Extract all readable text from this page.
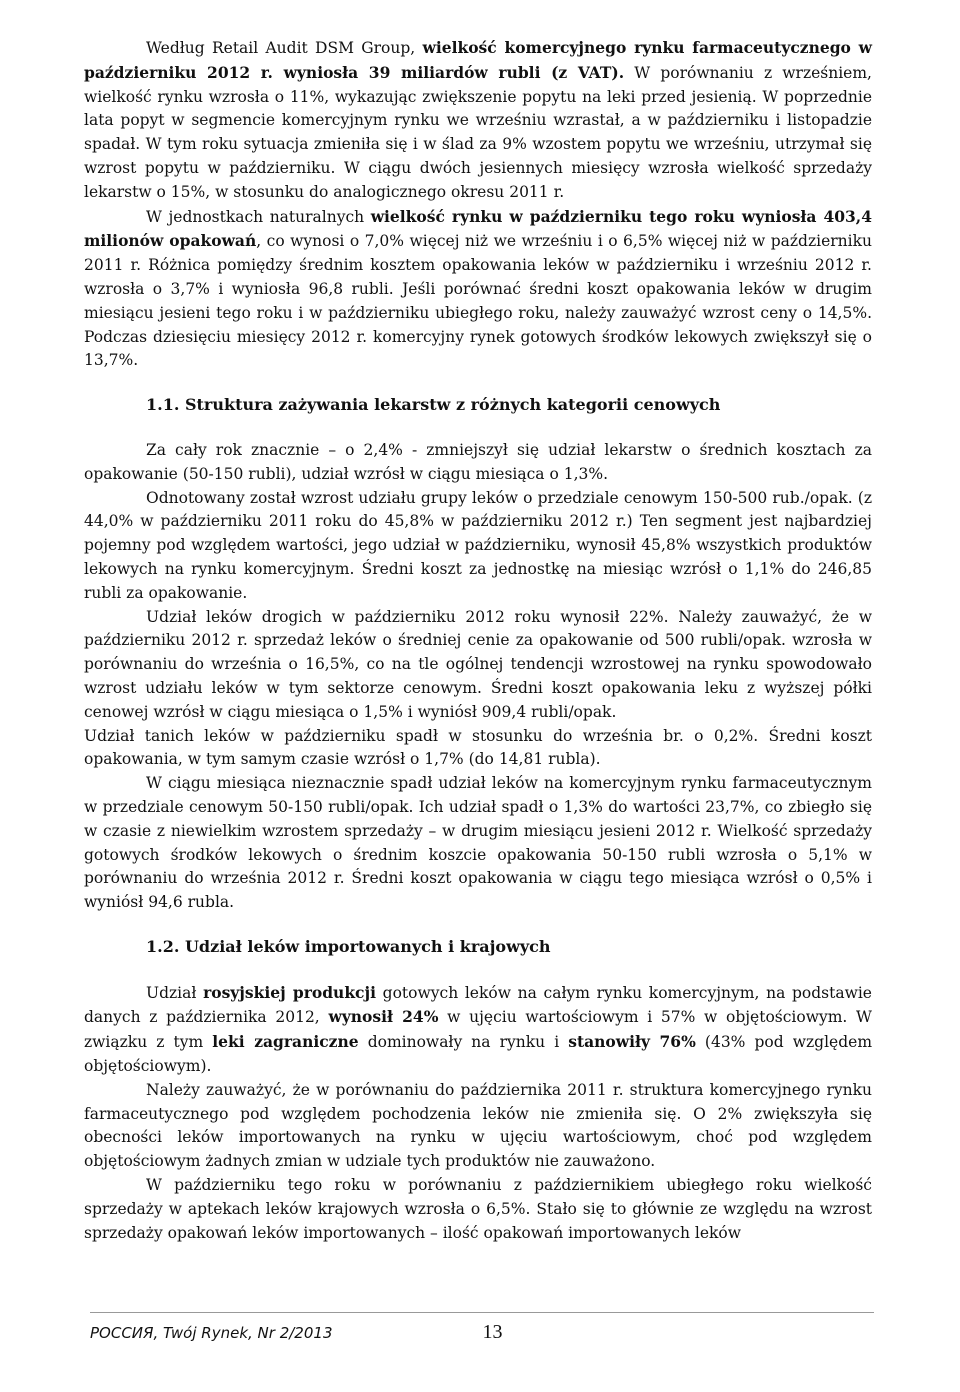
Według Retail Audit DSM Group, wielkość komercyjnego rynku farmaceutycznego w październiku 2012 r. wyniosła 39 miliardów rubli (z VAT). W porównaniu z wrześniem, wielkość rynku wzrosła o 11%, wykazując zwiększenie popytu na leki przed jesienią. W poprzednie lata popyt w segmencie komercyjnym rynku we wrześniu wzrastał, a w październiku i listopadzie spadał. W tym roku sytuacja zmieniła się i w ślad za 9% wzostem popytu we wrześniu, utrzymał się wzrost popytu w październiku. W ciągu dwóch jesiennych miesięcy wzrosła wielkość sprzedaży lekarstw o 15%, w stosunku do analogicznego okresu 2011 r.

W jednostkach naturalnych wielkość rynku w październiku tego roku wyniosła 403,4 milionów opakowań, co wynosi o 7,0% więcej niż we wrześniu i o 6,5% więcej niż w październiku 2011 r. Różnica pomiędzy średnim kosztem opakowania leków w październiku i wrześniu 2012 r. wzrosła o 3,7% i wyniosła 96,8 rubli. Jeśli porównać średni koszt opakowania leków w drugim miesiącu jesieni tego roku i w październiku ubiegłego roku, należy zauważyć wzrost ceny o 14,5%. Podczas dziesięciu miesięcy 2012 r. komercyjny rynek gotowych środków lekowych zwiększył się o 13,7%.

1.1. Struktura zażywania lekarstw z różnych kategorii cenowych

Za cały rok znacznie – o 2,4% - zmniejszył się udział lekarstw o średnich kosztach za opakowanie (50-150 rubli), udział wzrósł w ciągu miesiąca o 1,3%.

Odnotowany został wzrost udziału grupy leków o przedziale cenowym 150-500 rub./opak. (z 44,0% w październiku 2011 roku do 45,8% w październiku 2012 r.) Ten segment jest najbardziej pojemny pod względem wartości, jego udział w październiku, wynosił 45,8% wszystkich produktów lekowych na rynku komercyjnym. Średni koszt za jednostkę na miesiąc wzrósł o 1,1% do 246,85 rubli za opakowanie.

Udział leków drogich w październiku 2012 roku wynosił 22%. Należy zauważyć, że w październiku 2012 r. sprzedaż leków o średniej cenie za opakowanie od 500 rubli/opak. wzrosła w porównaniu do września o 16,5%, co na tle ogólnej tendencji wzrostowej na rynku spowodowało wzrost udziału leków w tym sektorze cenowym. Średni koszt opakowania leku z wyższej półki cenowej wzrósł w ciągu miesiąca o 1,5% i wyniósł 909,4 rubli/opak.

Udział tanich leków w październiku spadł w stosunku do września br. o 0,2%. Średni koszt opakowania, w tym samym czasie wzrósł o 1,7% (do 14,81 rubla).

W ciągu miesiąca nieznacznie spadł udział leków na komercyjnym rynku farmaceutycznym w przedziale cenowym 50-150 rubli/opak. Ich udział spadł o 1,3% do wartości 23,7%, co zbiegło się w czasie z niewielkim wzrostem sprzedaży – w drugim miesiącu jesieni 2012 r. Wielkość sprzedaży gotowych środków lekowych o średnim koszcie opakowania 50-150 rubli wzrosła o 5,1% w porównaniu do września 2012 r. Średni koszt opakowania w ciągu tego miesiąca wzrósł o 0,5% i wyniósł 94,6 rubla.

1.2. Udział leków importowanych i krajowych

Udział rosyjskiej produkcji gotowych leków na całym rynku komercyjnym, na podstawie danych z października 2012, wynosił 24% w ujęciu wartościowym i 57% w objętościowym. W związku z tym leki zagraniczne dominowały na rynku i stanowiły 76% (43% pod względem objętościowym).

Należy zauważyć, że w porównaniu do października 2011 r. struktura komercyjnego rynku farmaceutycznego pod względem pochodzenia leków nie zmieniła się. O 2% zwiększyła się obecności leków importowanych na rynku w ujęciu wartościowym, choć pod względem objętościowym żadnych zmian w udziale tych produktów nie zauważono.

W październiku tego roku w porównaniu z październikiem ubiegłego roku wielkość sprzedaży w aptekach leków krajowych wzrosła o 6,5%. Stało się to głównie ze względu na wzrost sprzedaży opakowań leków importowanych – ilość opakowań importowanych leków

РОССИЯ, Twój Rynek, Nr 2/2013	13
